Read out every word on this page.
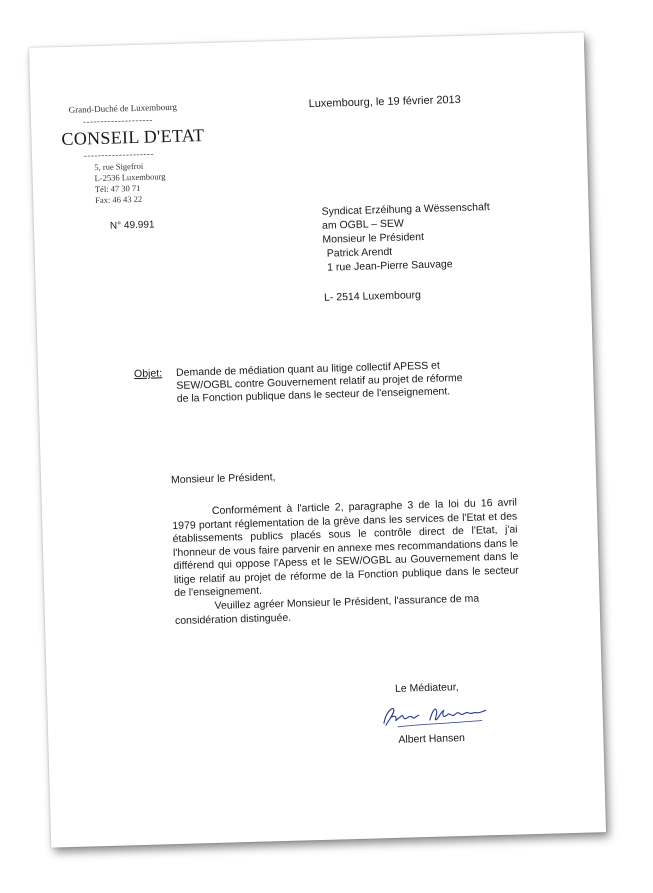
Grand-Duché de Luxembourg
--------------------
CONSEIL D'ETAT
--------------------
5, rue Sigefroi
L-2536 Luxembourg
Tél: 47 30 71
Fax: 46 43 22
N° 49.991
Luxembourg, le 19 février 2013
Syndicat Erzéihung a Wëssenschaft
am OGBL – SEW
Monsieur le Président
Patrick Arendt
1 rue Jean-Pierre Sauvage
L- 2514 Luxembourg
Objet: Demande de médiation quant au litige collectif APESS et SEW/OGBL contre Gouvernement relatif au projet de réforme de la Fonction publique dans le secteur de l'enseignement.
Monsieur le Président,
Conformément à l'article 2, paragraphe 3 de la loi du 16 avril 1979 portant réglementation de la grève dans les services de l'Etat et des établissements publics placés sous le contrôle direct de l'Etat, j'ai l'honneur de vous faire parvenir en annexe mes recommandations dans le différend qui oppose l'Apess et le SEW/OGBL au Gouvernement dans le litige relatif au projet de réforme de la Fonction publique dans le secteur de l'enseignement.
Veuillez agréer Monsieur le Président, l'assurance de ma considération distinguée.
Le Médiateur,
Albert Hansen
